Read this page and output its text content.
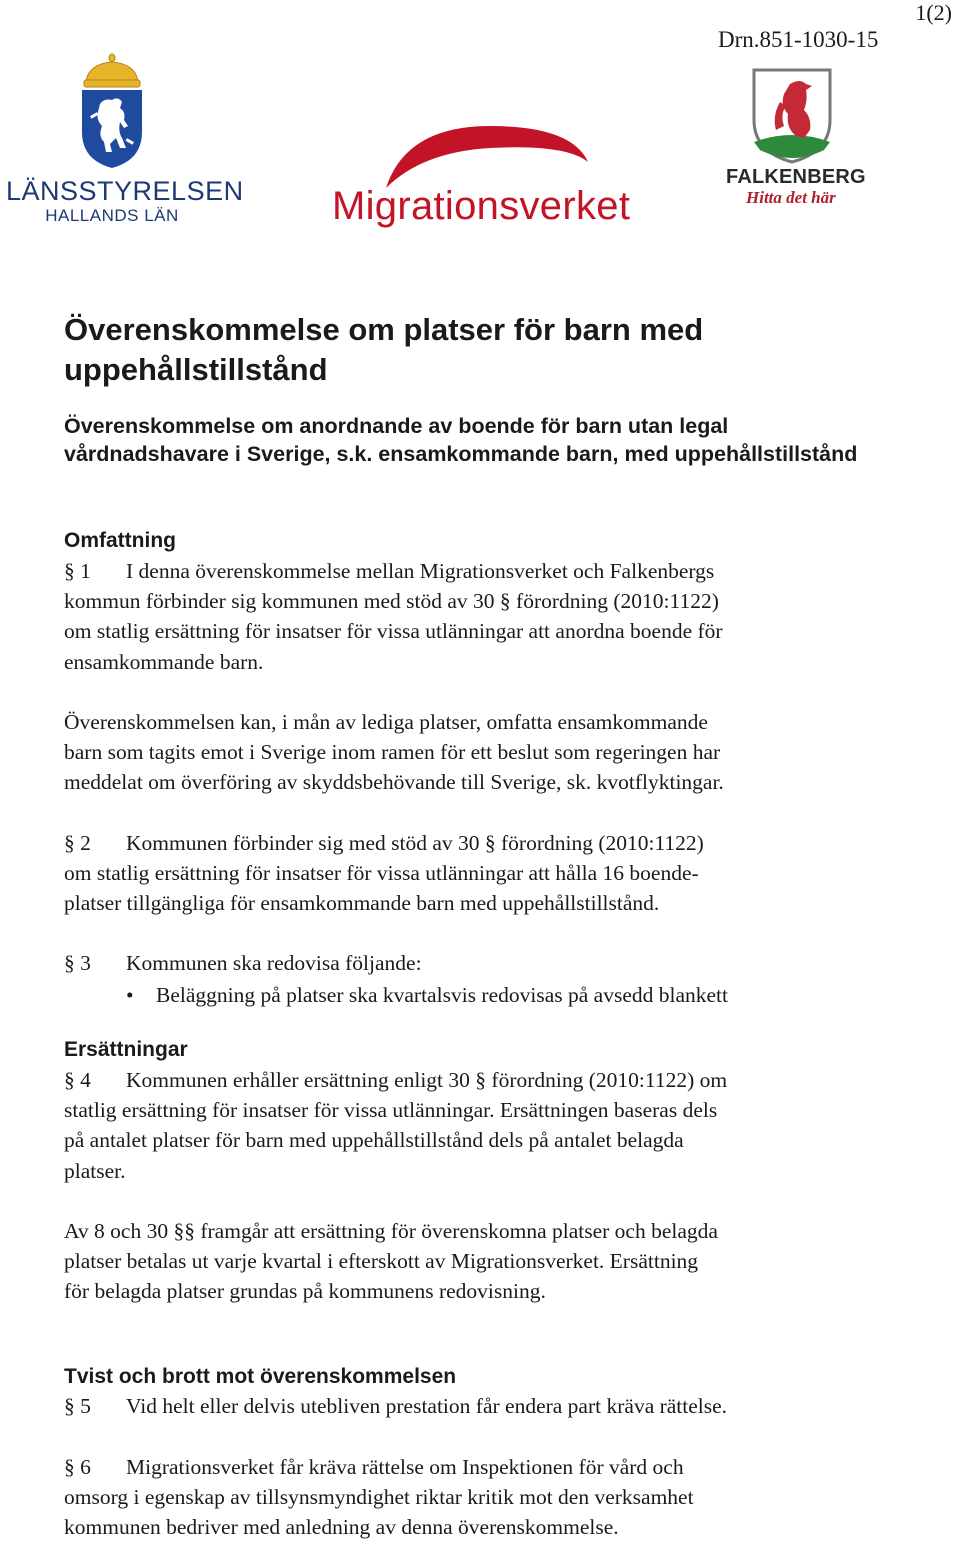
1(2)
Drn.851-1030-15
LÄNSSTYRELSEN
HALLANDS LÄN	Migrationsverket
FALKENBERG
Hitta det här
Överenskommelse om platser för barn med uppehållstillstånd
Överenskommelse om anordnande av boende för barn utan legal vårdnadshavare i Sverige, s.k. ensamkommande barn, med uppehållstillstånd
Omfattning
§ 1 I denna överenskommelse mellan Migrationsverket och Falkenbergs
kommun förbinder sig kommunen med stöd av 30 § förordning (2010:1122)
om statlig ersättning för insatser för vissa utlänningar att anordna boende för
ensamkommande barn.
Överenskommelsen kan, i mån av lediga platser, omfatta ensamkommande
barn som tagits emot i Sverige inom ramen för ett beslut som regeringen har
meddelat om överföring av skyddsbehövande till Sverige, sk. kvotflyktingar.
§ 2 Kommunen förbinder sig med stöd av 30 § förordning (2010:1122)
om statlig ersättning för insatser för vissa utlänningar att hålla 16 boende-
platser tillgängliga för ensamkommande barn med uppehållstillstånd.
§ 3 Kommunen ska redovisa följande:
• Beläggning på platser ska kvartalsvis redovisas på avsedd blankett
Ersättningar
§ 4 Kommunen erhåller ersättning enligt 30 § förordning (2010:1122) om
statlig ersättning för insatser för vissa utlänningar. Ersättningen baseras dels
på antalet platser för barn med uppehållstillstånd dels på antalet belagda
platser.
Av 8 och 30 §§ framgår att ersättning för överenskomna platser och belagda
platser betalas ut varje kvartal i efterskott av Migrationsverket. Ersättning
för belagda platser grundas på kommunens redovisning.
Tvist och brott mot överenskommelsen
§ 5 Vid helt eller delvis utebliven prestation får endera part kräva rättelse.
§ 6 Migrationsverket får kräva rättelse om Inspektionen för vård och
omsorg i egenskap av tillsynsmyndighet riktar kritik mot den verksamhet
kommunen bedriver med anledning av denna överenskommelse.
